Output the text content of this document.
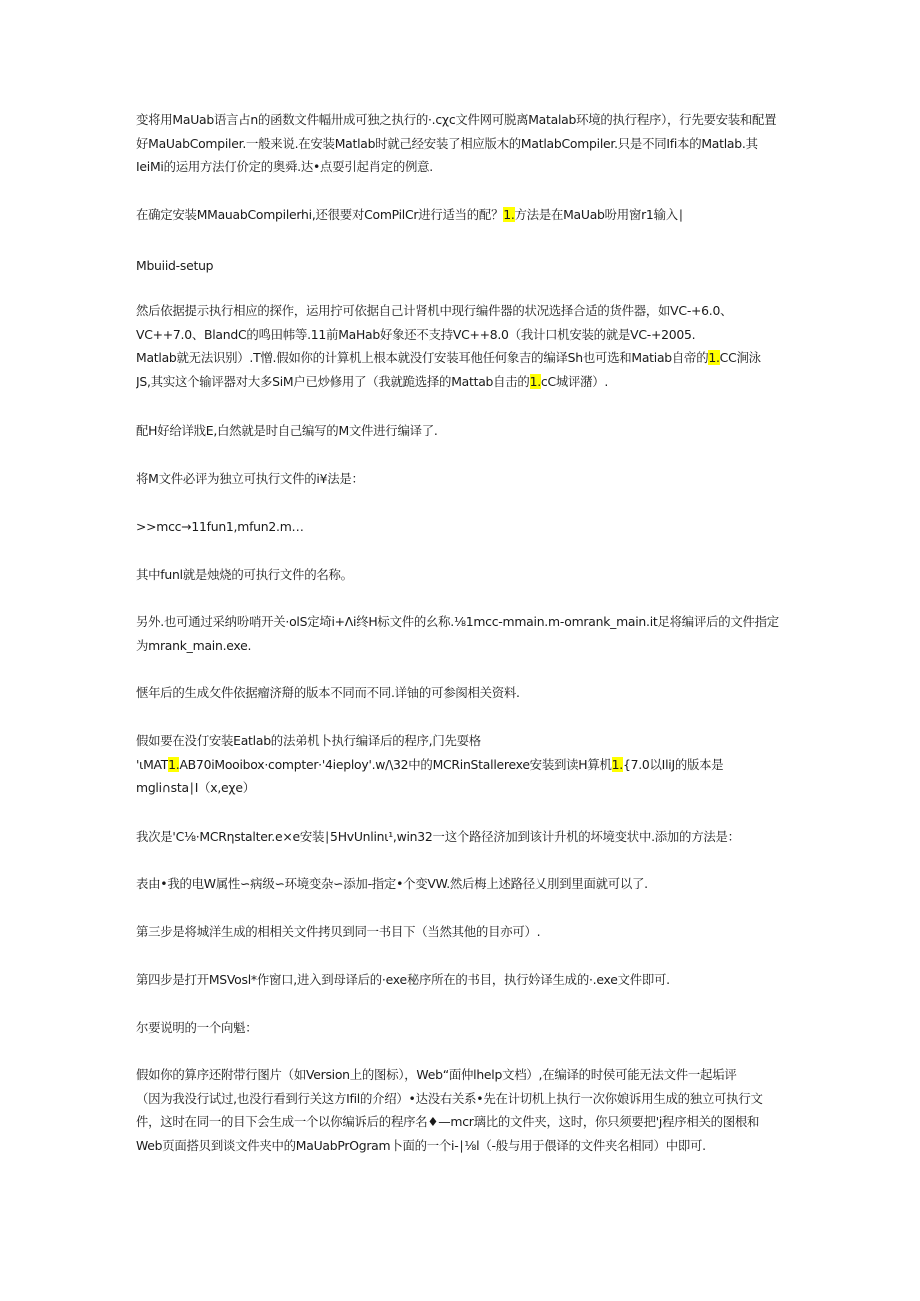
变将用MaUab语言占n的函数文件幅卅成可独之执行的·.cχc文件网可脱离Matalab环境的执行程序），行先要安装和配置
好MaUabCompiler.一般来说.在安装Matlab时就己经安装了相应版木的MatlabCompiler.只是不同Ifi本的Matlab.其
IeiMi的运用方法仃价定的奥舜.达•点耍引起肖定的例意.

在确定安装MMauabCompilerhi,还很要对ComPilCr进行适当的配？1.方法是在MaUab吩用窗r1输入∣

Mbuiid-setup

然后依据提示执行相应的探作，运用拧可依据自己计肾机中现行编件器的状况选择合适的货件器，如VC-+6.0、
VC++7.0、BlandC的鸣田帏等.11前MaHab好象还不支持VC++8.0（我计口机安装的就是VC-+2005.
Matlab就无法识别）.T憎.假如你的计算机上根本就没仃安装耳他任何象吉的编译Sh也可选和Matiab自帝的1.CC涧泳
JS,其实这个输评器对大多SiM户已炒修用了（我就跪选择的Mattab自击的1.cC城评潴）.

配H好给详戕E,白然就是时自己编写的M文件进行编译了.

将M文件必评为独立可执行文件的i¥法是：

>>mcc→11fun1,mfun2.m…

其中funl就是烛烧的可执行文件的名称。

另外.也可通过采纳吩哨开关·olS定埼i+Λi终H标文件的幺称.⅛1mcc-mmain.m-omrank_main.it足将编评后的文件指定
为mrank_main.exe.

惬年后的生成攵件依据瘤济搿的版本不同而不同.详铀的可参阂相关资料.

假如要在没仃安装Eatlab的法弟机卜执行编译后的程序,门先耍格
'ιMAT1.AB70iMooibox·compter·'4ieploy'.w∕\32中的MCRinStallerexe安装到读H算机1.{7.0以IliJ的版本是
mgli∩sta∣I（x,eχe）

我次是'C⅛·MCRηstalter.e×e安装∣5HvUnlinι¹,win32一这个路径济加到该计升机的坏境变状中.添加的方法是：

表由•我的电W属性∽病级∽环境变杂∽添加-指定•个变VW.然后梅上述路径乂刖到里面就可以了.

第三步是将城洋生成的相相关文件拷贝到同一书目下（当然其他的目亦可）.

第四步是打开MSVosl*作窗口,进入到母译后的·exe秘序所在的书目，执行妗译生成的·.exe文件即可.

尔要说明的一个向魁：

假如你的算序还附带行图片（如Version上的图标），Web“面仲lhelp文档）,在编译的时侯可能无法文件一起垢评
（因为我没行试过,也没行看到行关这方Ifil的介绍）•达没右关系•先在计切机上执行一次你娘诉用生成的独立可执行文
件，这时在同一的目下会生成一个以你编诉后的程序名♦—mcr璃比的文件夹，这时，你只须要把'j程序相关的图根和
Web页面搭贝到谈文件夹中的MaUabPrOgram卜面的一个i-∣⅛l（-般与用于偎译的文件夹名相同）中即可.
